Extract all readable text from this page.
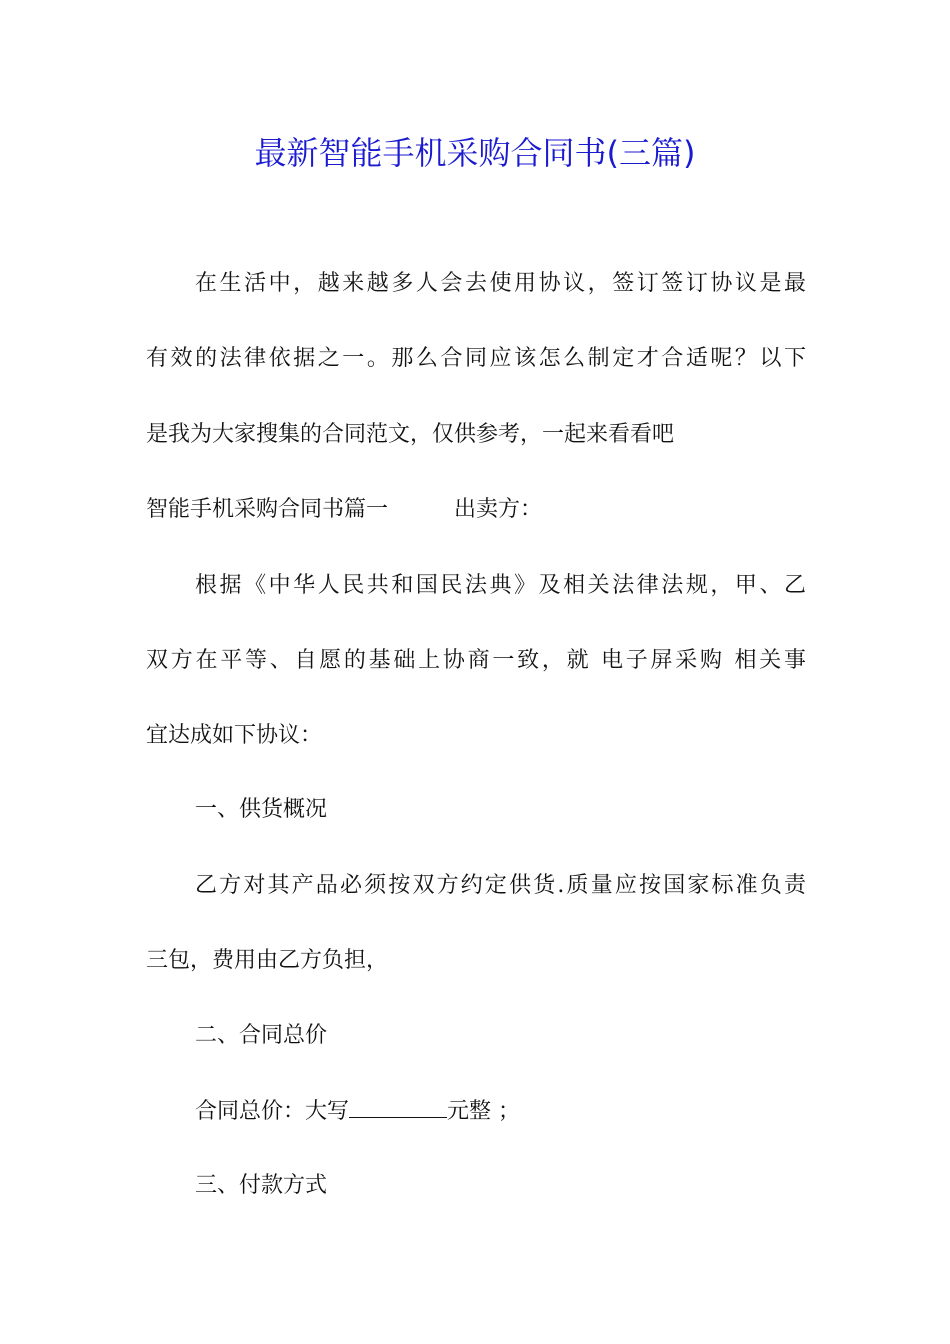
最新智能手机采购合同书(三篇)
在生活中，越来越多人会去使用协议，签订签订协议是最
有效的法律依据之一。那么合同应该怎么制定才合适呢？以下
是我为大家搜集的合同范文，仅供参考，一起来看看吧
智能手机采购合同书篇一	出卖方：
根据《中华人民共和国民法典》及相关法律法规，甲、乙
双方在平等、自愿的基础上协商一致，就 电子屏采购 相关事
宜达成如下协议：
一、供货概况
乙方对其产品必须按双方约定供货.质量应按国家标准负责
三包，费用由乙方负担，
二、合同总价
合同总价：大写	元整 ；
三、付款方式
